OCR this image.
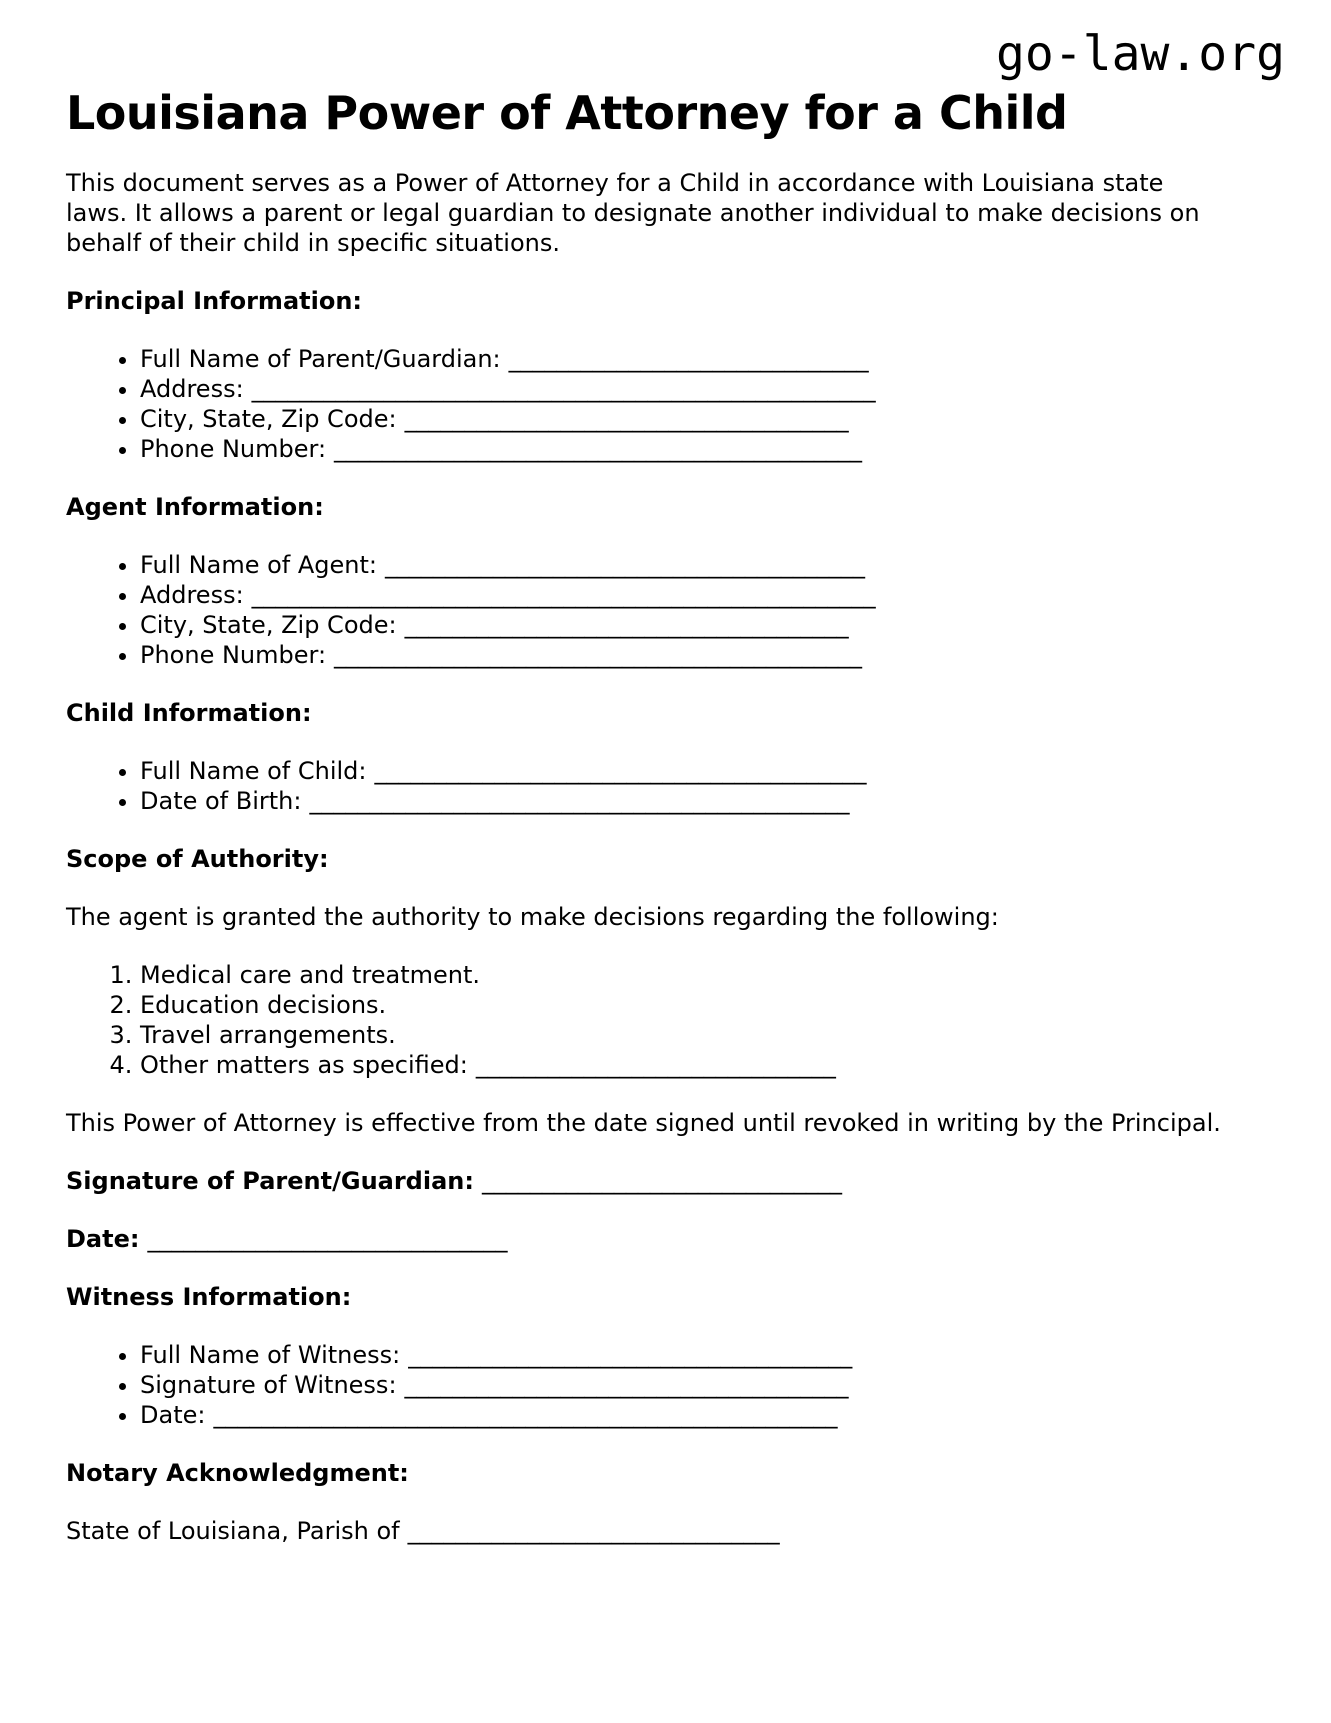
go-law.org
Louisiana Power of Attorney for a Child

This document serves as a Power of Attorney for a Child in accordance with Louisiana state laws. It allows a parent or legal guardian to designate another individual to make decisions on behalf of their child in specific situations.

Principal Information:
• Full Name of Parent/Guardian: ______________________________
• Address: ____________________________________________________
• City, State, Zip Code: _____________________________________
• Phone Number: ____________________________________________
Agent Information:
• Full Name of Agent: ________________________________________
• Address: ____________________________________________________
• City, State, Zip Code: _____________________________________
• Phone Number: ____________________________________________
Child Information:
• Full Name of Child: _________________________________________
• Date of Birth: _____________________________________________
Scope of Authority:

The agent is granted the authority to make decisions regarding the following:

1. Medical care and treatment.
2. Education decisions.
3. Travel arrangements.
4. Other matters as specified: ______________________________

This Power of Attorney is effective from the date signed until revoked in writing by the Principal.

Signature of Parent/Guardian: ______________________________

Date: ______________________________

Witness Information:
• Full Name of Witness: _____________________________________
• Signature of Witness: _____________________________________
• Date: ____________________________________________________
Notary Acknowledgment:

State of Louisiana, Parish of _______________________________
